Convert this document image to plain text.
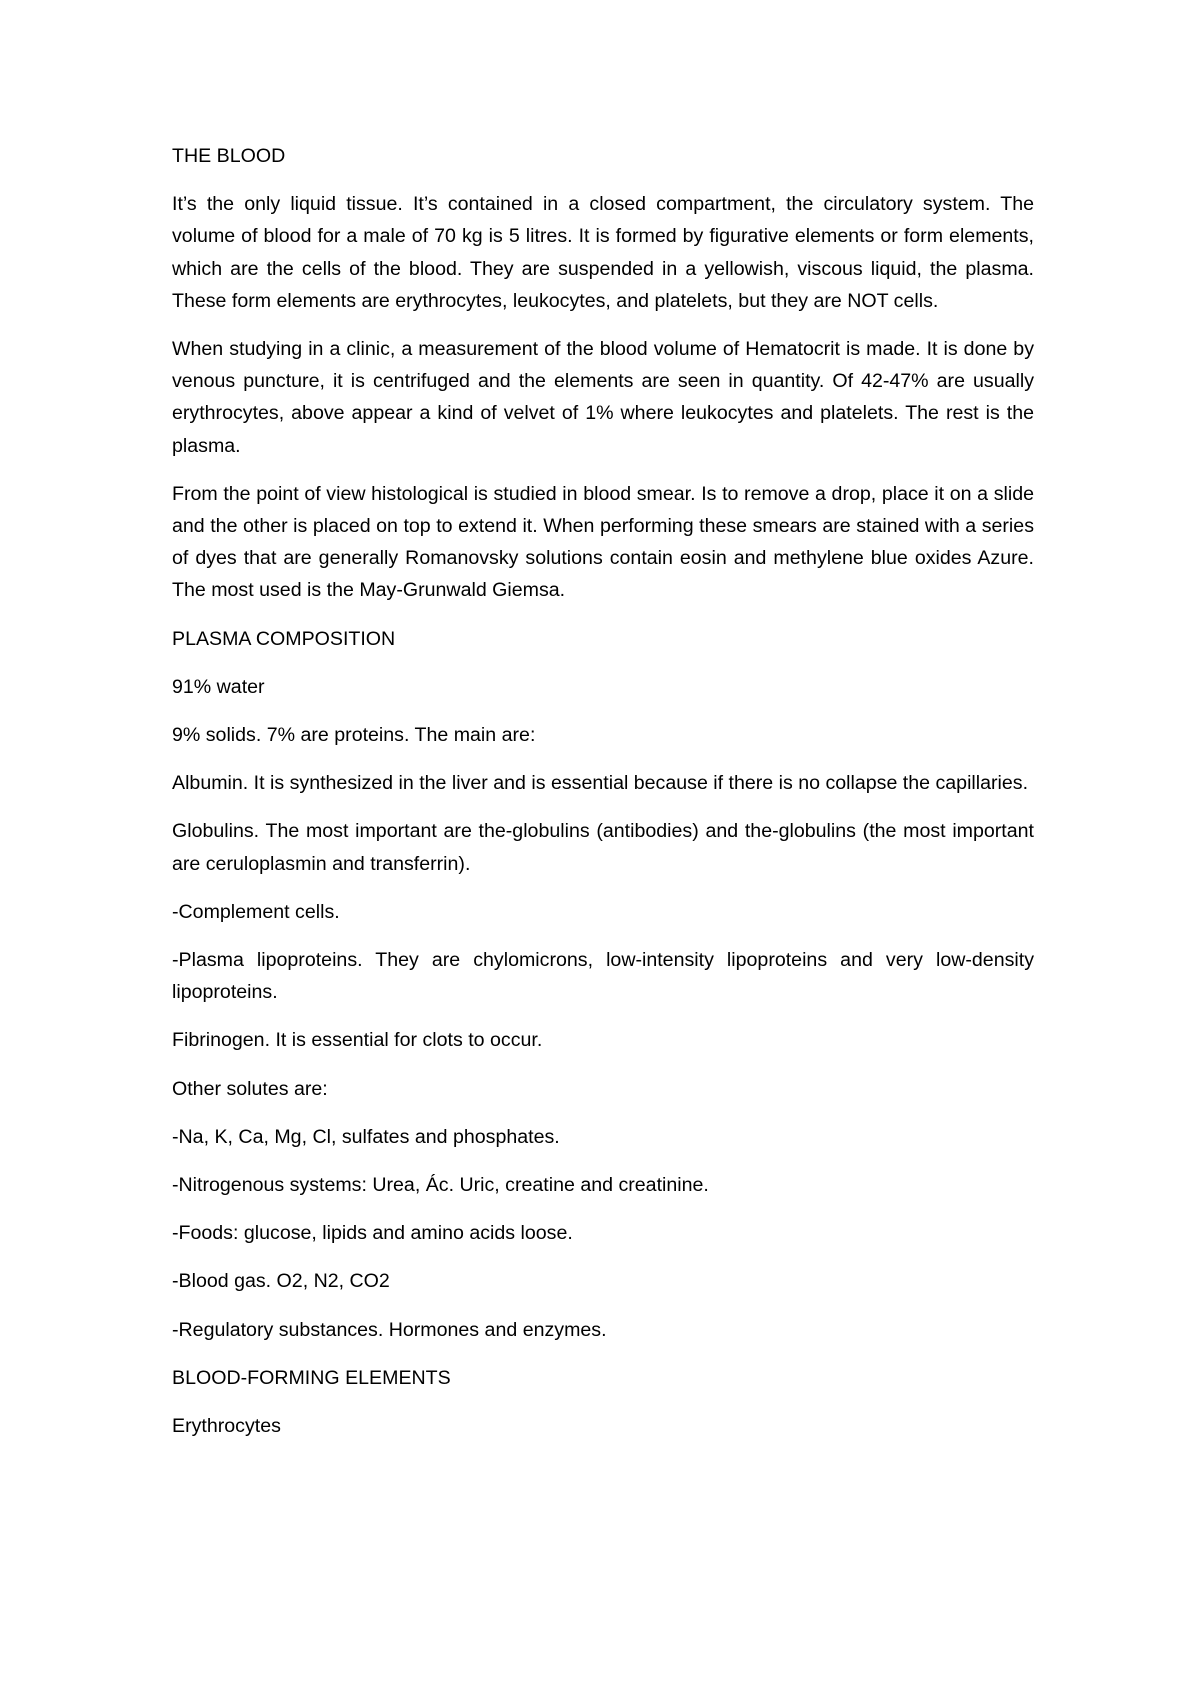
THE BLOOD

It’s the only liquid tissue. It’s contained in a closed compartment, the circulatory system. The volume of blood for a male of 70 kg is 5 litres. It is formed by figurative elements or form elements, which are the cells of the blood. They are suspended in a yellowish, viscous liquid, the plasma. These form elements are erythrocytes, leukocytes, and platelets, but they are NOT cells.

When studying in a clinic, a measurement of the blood volume of Hematocrit is made. It is done by venous puncture, it is centrifuged and the elements are seen in quantity. Of 42-47% are usually erythrocytes, above appear a kind of velvet of 1% where leukocytes and platelets. The rest is the plasma.

From the point of view histological is studied in blood smear. Is to remove a drop, place it on a slide and the other is placed on top to extend it. When performing these smears are stained with a series of dyes that are generally Romanovsky solutions contain eosin and methylene blue oxides Azure. The most used is the May-Grunwald Giemsa.

PLASMA COMPOSITION

91% water

9% solids. 7% are proteins. The main are:

Albumin. It is synthesized in the liver and is essential because if there is no collapse the capillaries.

Globulins. The most important are the-globulins (antibodies) and the-globulins (the most important are ceruloplasmin and transferrin).

-Complement cells.

-Plasma lipoproteins. They are chylomicrons, low-intensity lipoproteins and very low-density lipoproteins.

Fibrinogen. It is essential for clots to occur.

Other solutes are:

-Na, K, Ca, Mg, Cl, sulfates and phosphates.

-Nitrogenous systems: Urea, Ác. Uric, creatine and creatinine.

-Foods: glucose, lipids and amino acids loose.

-Blood gas. O2, N2, CO2

-Regulatory substances. Hormones and enzymes.

BLOOD-FORMING ELEMENTS

Erythrocytes
